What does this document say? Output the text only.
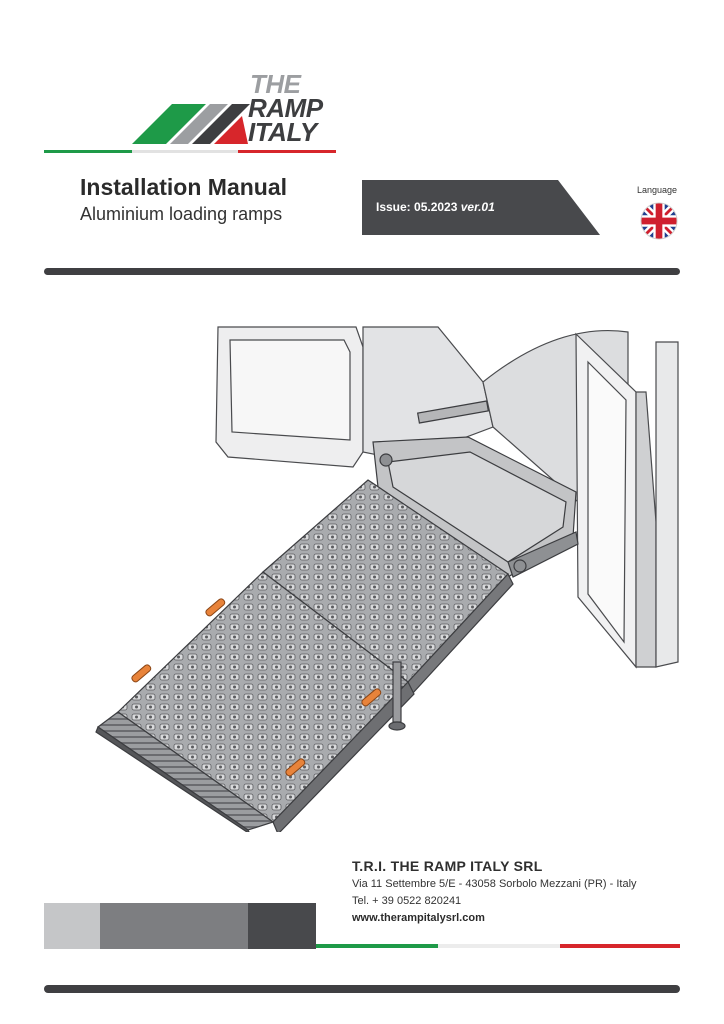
THE
RAMP
ITALY
Installation Manual
Aluminium loading ramps	Issue: 05.2023 ver.01
Language
T.R.I. THE RAMP ITALY SRL
Via 11 Settembre 5/E - 43058 Sorbolo Mezzani (PR) - Italy
Tel. + 39 0522 820241
www.therampitalysrl.com
